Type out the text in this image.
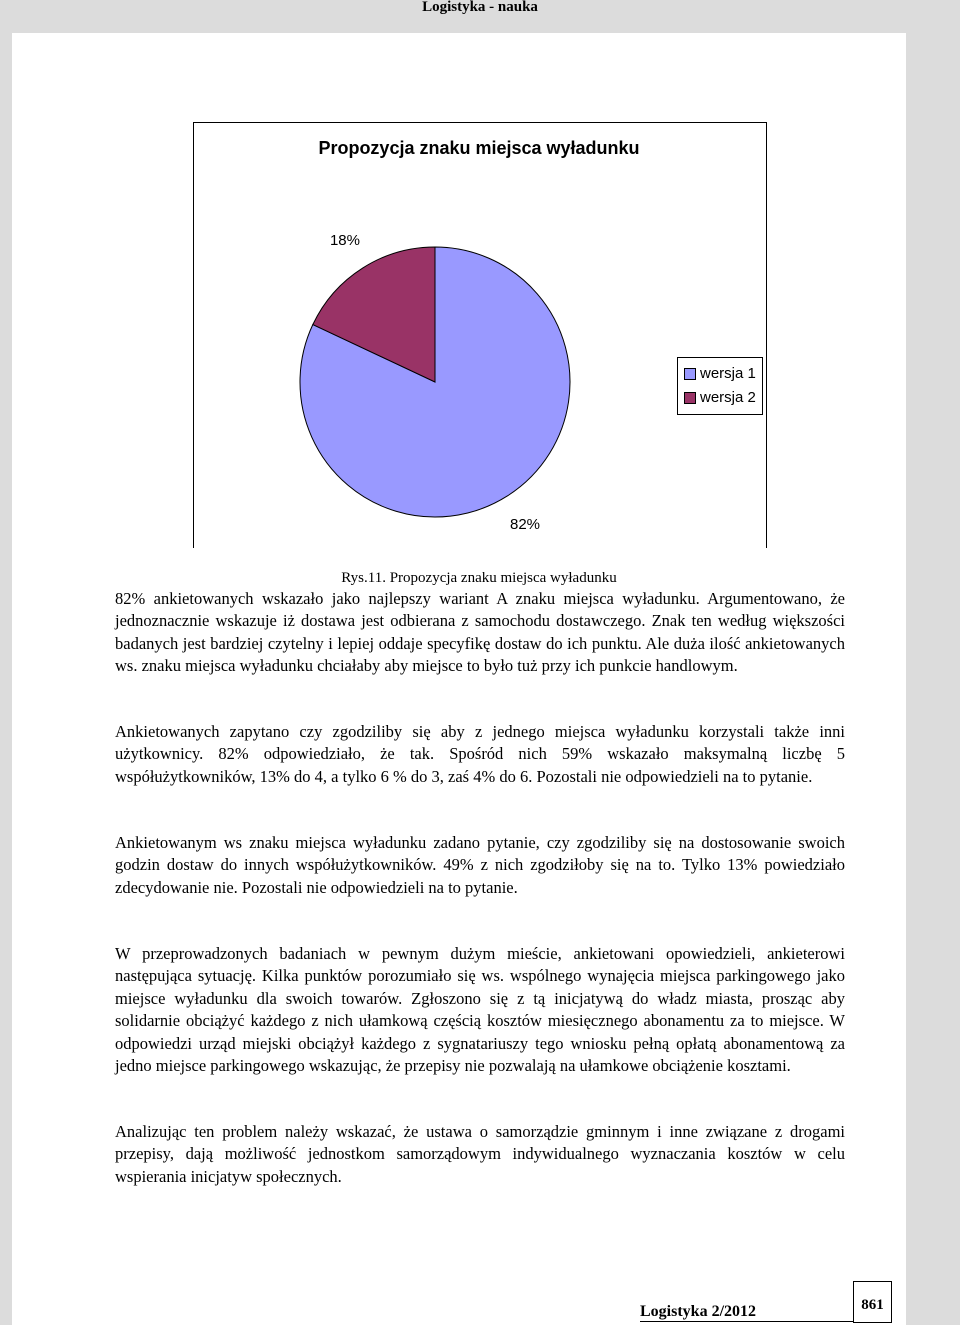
Logistyka - nauka
Propozycja znaku miejsca wyładunku
82%
18%
wersja 1
wersja 2
Rys.11. Propozycja znaku miejsca wyładunku

82% ankietowanych wskazało jako najlepszy wariant A znaku miejsca wyładunku. Argumentowano, że jednoznacznie wskazuje iż dostawa jest odbierana z samochodu dostawczego. Znak ten według większości badanych jest bardziej czytelny i lepiej oddaje specyfikę dostaw do ich punktu. Ale duża ilość ankietowanych ws. znaku miejsca wyładunku chciałaby aby miejsce to było tuż przy ich punkcie handlowym.

Ankietowanych zapytano czy zgodziliby się aby z jednego miejsca wyładunku korzystali także inni użytkownicy. 82% odpowiedziało, że tak. Spośród nich 59% wskazało maksymalną liczbę 5 współużytkowników, 13% do 4, a tylko 6 % do 3, zaś 4% do 6. Pozostali nie odpowiedzieli na to pytanie.

Ankietowanym ws znaku miejsca wyładunku zadano pytanie, czy zgodziliby się na dostosowanie swoich godzin dostaw do innych współużytkowników. 49% z nich zgodziłoby się na to. Tylko 13% powiedziało zdecydowanie nie. Pozostali nie odpowiedzieli na to pytanie.

W przeprowadzonych badaniach w pewnym dużym mieście, ankietowani opowiedzieli, ankieterowi następująca sytuację. Kilka punktów porozumiało się ws. wspólnego wynajęcia miejsca parkingowego jako miejsce wyładunku dla swoich towarów. Zgłoszono się z tą inicjatywą do władz miasta, prosząc aby solidarnie obciążyć każdego z nich ułamkową częścią kosztów miesięcznego abonamentu za to miejsce. W odpowiedzi urząd miejski obciążył każdego z sygnatariuszy tego wniosku pełną opłatą abonamentową za jedno miejsce parkingowego wskazując, że przepisy nie pozwalają na ułamkowe obciążenie kosztami.

Analizując ten problem należy wskazać, że ustawa o samorządzie gminnym i inne związane z drogami przepisy, dają możliwość jednostkom samorządowym indywidualnego wyznaczania kosztów w celu wspierania inicjatyw społecznych.

Logistyka 2/2012	861
